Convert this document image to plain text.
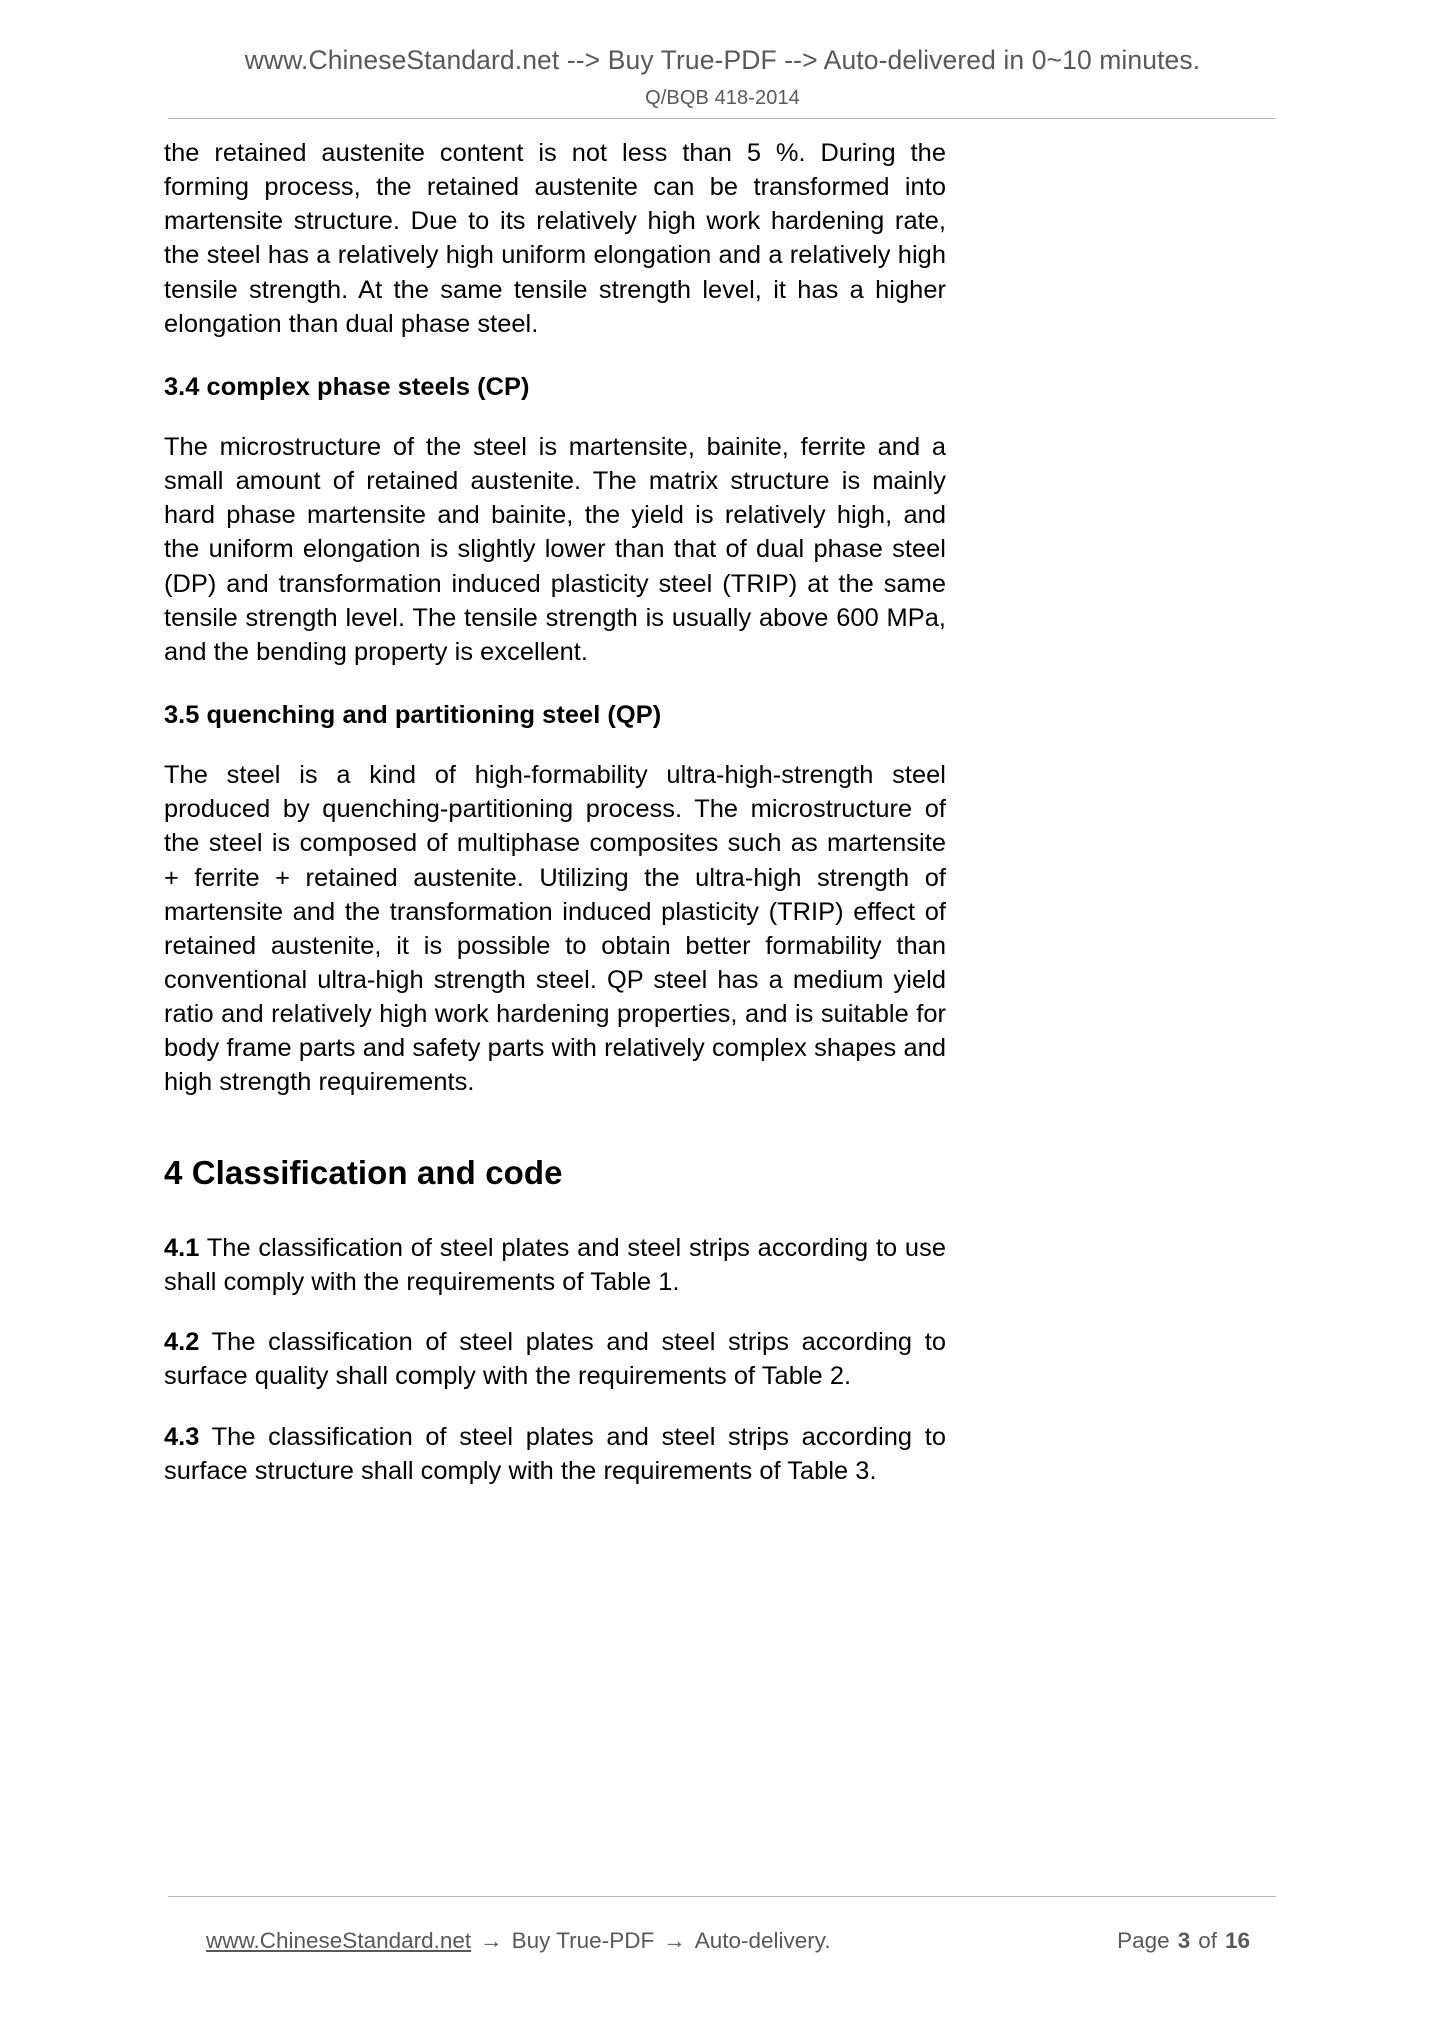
www.ChineseStandard.net --> Buy True-PDF --> Auto-delivered in 0~10 minutes.
Q/BQB 418-2014

the retained austenite content is not less than 5 %. During the forming process, the retained austenite can be transformed into martensite structure. Due to its relatively high work hardening rate, the steel has a relatively high uniform elongation and a relatively high tensile strength. At the same tensile strength level, it has a higher elongation than dual phase steel.

3.4 complex phase steels (CP)

The microstructure of the steel is martensite, bainite, ferrite and a small amount of retained austenite. The matrix structure is mainly hard phase martensite and bainite, the yield is relatively high, and the uniform elongation is slightly lower than that of dual phase steel (DP) and transformation induced plasticity steel (TRIP) at the same tensile strength level. The tensile strength is usually above 600 MPa, and the bending property is excellent.

3.5 quenching and partitioning steel (QP)

The steel is a kind of high-formability ultra-high-strength steel produced by quenching-partitioning process. The microstructure of the steel is composed of multiphase composites such as martensite + ferrite + retained austenite. Utilizing the ultra-high strength of martensite and the transformation induced plasticity (TRIP) effect of retained austenite, it is possible to obtain better formability than conventional ultra-high strength steel. QP steel has a medium yield ratio and relatively high work hardening properties, and is suitable for body frame parts and safety parts with relatively complex shapes and high strength requirements.

4 Classification and code

4.1 The classification of steel plates and steel strips according to use shall comply with the requirements of Table 1.

4.2 The classification of steel plates and steel strips according to surface quality shall comply with the requirements of Table 2.

4.3 The classification of steel plates and steel strips according to surface structure shall comply with the requirements of Table 3.

www.ChineseStandard.net → Buy True-PDF → Auto-delivery.	Page 3 of 16
